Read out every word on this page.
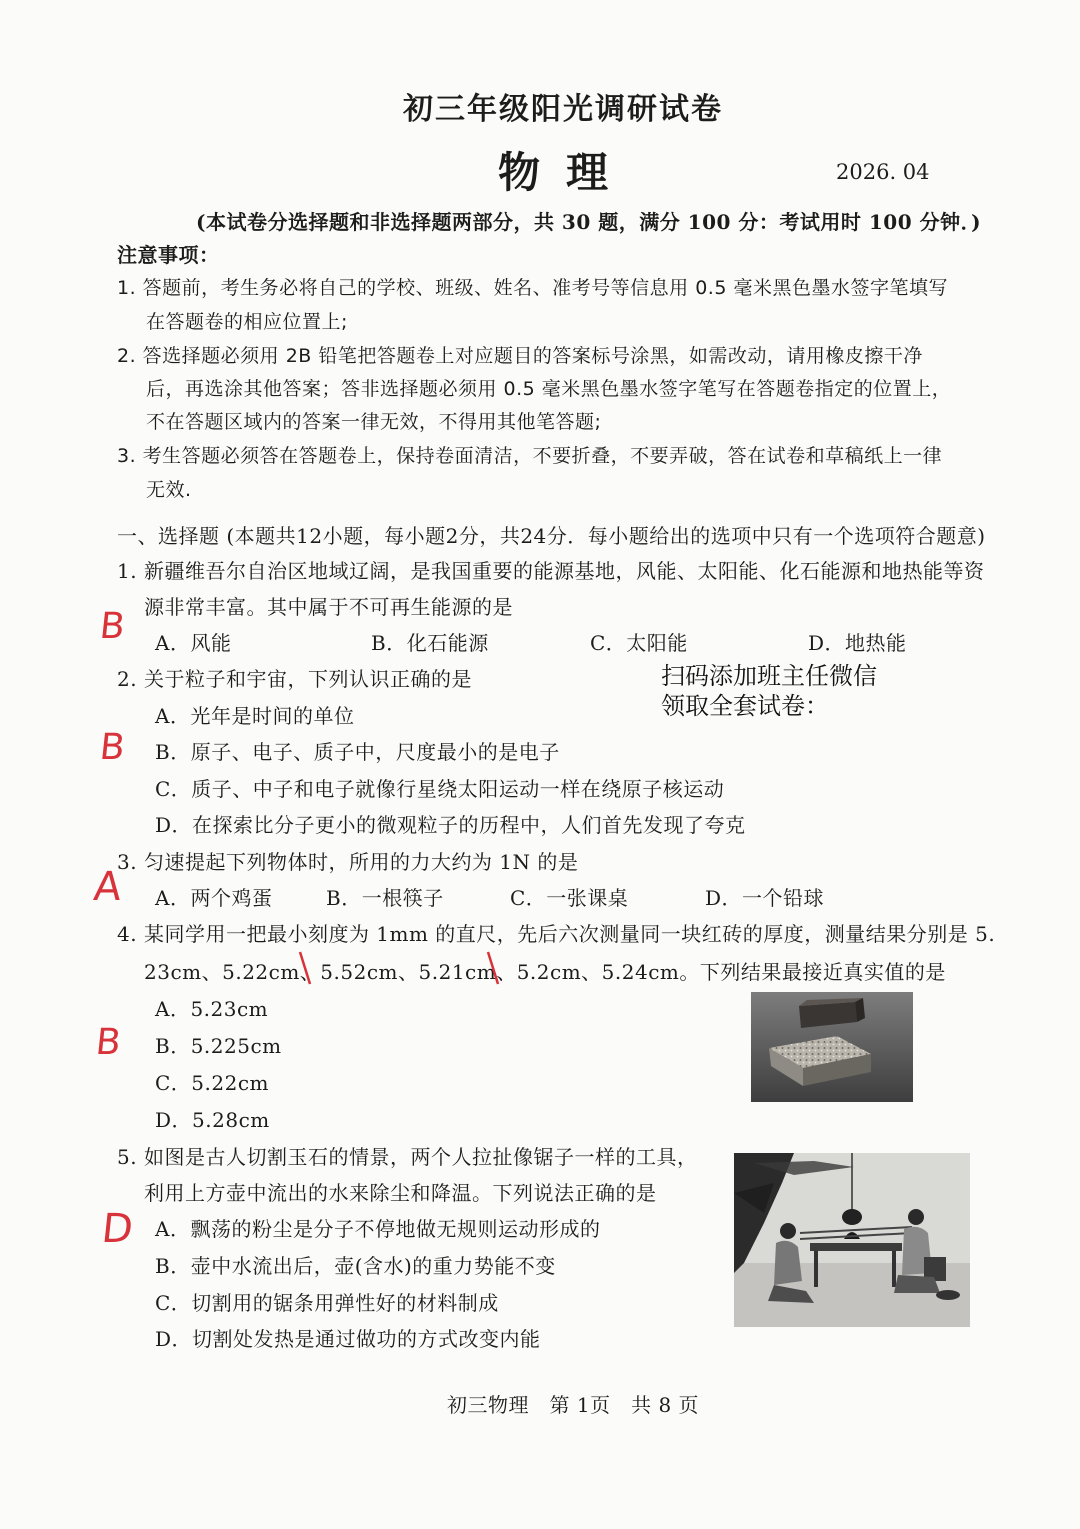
初三年级阳光调研试卷
物理	2026. 04
(本试卷分选择题和非选择题两部分，共 30 题，满分 100 分：考试用时 100 分钟．)
注意事项：
1. 答题前，考生务必将自己的学校、班级、姓名、准考号等信息用 0.5 毫米黑色墨水签字笔填写
在答题卷的相应位置上;
2. 答选择题必须用 2B 铅笔把答题卷上对应题目的答案标号涂黑，如需改动，请用橡皮擦干净
后，再选涂其他答案；答非选择题必须用 0.5 毫米黑色墨水签字笔写在答题卷指定的位置上，
不在答题区域内的答案一律无效，不得用其他笔答题;
3. 考生答题必须答在答题卷上，保持卷面清洁，不要折叠，不要弄破，答在试卷和草稿纸上一律
无效.
一、选择题 (本题共12小题，每小题2分，共24分．每小题给出的选项中只有一个选项符合题意)
1. 新疆维吾尔自治区地域辽阔，是我国重要的能源基地，风能、太阳能、化石能源和地热能等资
源非常丰富。其中属于不可再生能源的是
B A．风能	B．化石能源	C．太阳能	D．地热能
2. 关于粒子和宇宙，下列认识正确的是	扫码添加班主任微信
领取全套试卷：
A．光年是时间的单位
B B．原子、电子、质子中，尺度最小的是电子
C．质子、中子和电子就像行星绕太阳运动一样在绕原子核运动
D．在探索比分子更小的微观粒子的历程中，人们首先发现了夸克
3. 匀速提起下列物体时，所用的力大约为 1N 的是
A A．两个鸡蛋	B．一根筷子	C．一张课桌	D．一个铅球
4. 某同学用一把最小刻度为 1mm 的直尺，先后六次测量同一块红砖的厚度，测量结果分别是 5.
23cm、5.22cm、5.52cm、5.21cm、5.2cm、5.24cm。下列结果最接近真实值的是
A．5.23cm
B B．5.225cm
C．5.22cm
D．5.28cm
5. 如图是古人切割玉石的情景，两个人拉扯像锯子一样的工具，
利用上方壶中流出的水来除尘和降温。下列说法正确的是
D A．飘荡的粉尘是分子不停地做无规则运动形成的
B．壶中水流出后，壶(含水)的重力势能不变
C．切割用的锯条用弹性好的材料制成
D．切割处发热是通过做功的方式改变内能
初三物理　第 1页　共 8 页
